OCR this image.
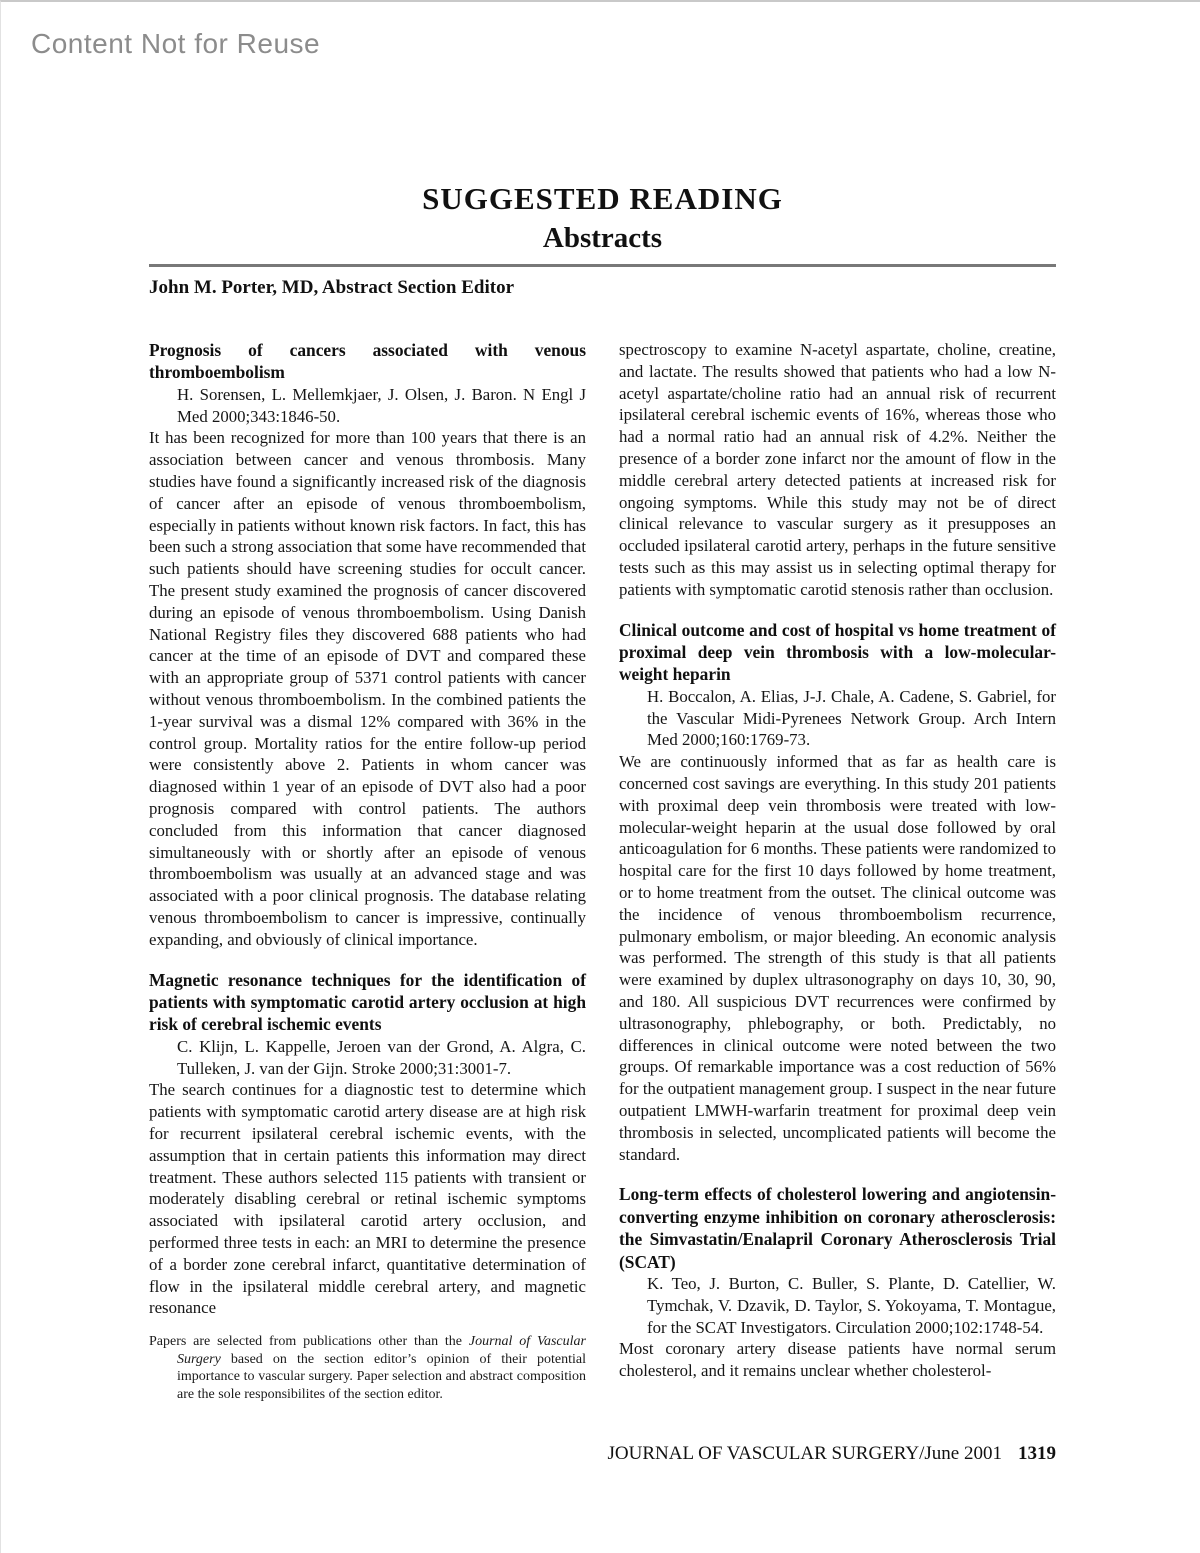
Content Not for Reuse
SUGGESTED READING
Abstracts
John M. Porter, MD, Abstract Section Editor
Prognosis of cancers associated with venous thromboembolism
H. Sorensen, L. Mellemkjaer, J. Olsen, J. Baron. N Engl J Med 2000;343:1846-50.
It has been recognized for more than 100 years that there is an association between cancer and venous thrombosis. Many studies have found a significantly increased risk of the diagnosis of cancer after an episode of venous thromboembolism, especially in patients without known risk factors. In fact, this has been such a strong association that some have recommended that such patients should have screening studies for occult cancer. The present study examined the prognosis of cancer discovered during an episode of venous thromboembolism. Using Danish National Registry files they discovered 688 patients who had cancer at the time of an episode of DVT and compared these with an appropriate group of 5371 control patients with cancer without venous thromboembolism. In the combined patients the 1-year survival was a dismal 12% compared with 36% in the control group. Mortality ratios for the entire follow-up period were consistently above 2. Patients in whom cancer was diagnosed within 1 year of an episode of DVT also had a poor prognosis compared with control patients. The authors concluded from this information that cancer diagnosed simultaneously with or shortly after an episode of venous thromboembolism was usually at an advanced stage and was associated with a poor clinical prognosis. The database relating venous thromboembolism to cancer is impressive, continually expanding, and obviously of clinical importance.
Magnetic resonance techniques for the identification of patients with symptomatic carotid artery occlusion at high risk of cerebral ischemic events
C. Klijn, L. Kappelle, Jeroen van der Grond, A. Algra, C. Tulleken, J. van der Gijn. Stroke 2000;31:3001-7.
The search continues for a diagnostic test to determine which patients with symptomatic carotid artery disease are at high risk for recurrent ipsilateral cerebral ischemic events, with the assumption that in certain patients this information may direct treatment. These authors selected 115 patients with transient or moderately disabling cerebral or retinal ischemic symptoms associated with ipsilateral carotid artery occlusion, and performed three tests in each: an MRI to determine the presence of a border zone cerebral infarct, quantitative determination of flow in the ipsilateral middle cerebral artery, and magnetic resonance
Papers are selected from publications other than the Journal of Vascular Surgery based on the section editor’s opinion of their potential importance to vascular surgery. Paper selection and abstract composition are the sole responsibilites of the section editor.
spectroscopy to examine N-acetyl aspartate, choline, creatine, and lactate. The results showed that patients who had a low N-acetyl aspartate/choline ratio had an annual risk of recurrent ipsilateral cerebral ischemic events of 16%, whereas those who had a normal ratio had an annual risk of 4.2%. Neither the presence of a border zone infarct nor the amount of flow in the middle cerebral artery detected patients at increased risk for ongoing symptoms. While this study may not be of direct clinical relevance to vascular surgery as it presupposes an occluded ipsilateral carotid artery, perhaps in the future sensitive tests such as this may assist us in selecting optimal therapy for patients with symptomatic carotid stenosis rather than occlusion.
Clinical outcome and cost of hospital vs home treatment of proximal deep vein thrombosis with a low-molecular-weight heparin
H. Boccalon, A. Elias, J-J. Chale, A. Cadene, S. Gabriel, for the Vascular Midi-Pyrenees Network Group. Arch Intern Med 2000;160:1769-73.
We are continuously informed that as far as health care is concerned cost savings are everything. In this study 201 patients with proximal deep vein thrombosis were treated with low-molecular-weight heparin at the usual dose followed by oral anticoagulation for 6 months. These patients were randomized to hospital care for the first 10 days followed by home treatment, or to home treatment from the outset. The clinical outcome was the incidence of venous thromboembolism recurrence, pulmonary embolism, or major bleeding. An economic analysis was performed. The strength of this study is that all patients were examined by duplex ultrasonography on days 10, 30, 90, and 180. All suspicious DVT recurrences were confirmed by ultrasonography, phlebography, or both. Predictably, no differences in clinical outcome were noted between the two groups. Of remarkable importance was a cost reduction of 56% for the outpatient management group. I suspect in the near future outpatient LMWH-warfarin treatment for proximal deep vein thrombosis in selected, uncomplicated patients will become the standard.
Long-term effects of cholesterol lowering and angiotensin-converting enzyme inhibition on coronary atherosclerosis: the Simvastatin/Enalapril Coronary Atherosclerosis Trial (SCAT)
K. Teo, J. Burton, C. Buller, S. Plante, D. Catellier, W. Tymchak, V. Dzavik, D. Taylor, S. Yokoyama, T. Montague, for the SCAT Investigators. Circulation 2000;102:1748-54.
Most coronary artery disease patients have normal serum cholesterol, and it remains unclear whether cholesterol-
JOURNAL OF VASCULAR SURGERY/June 2001 1319
